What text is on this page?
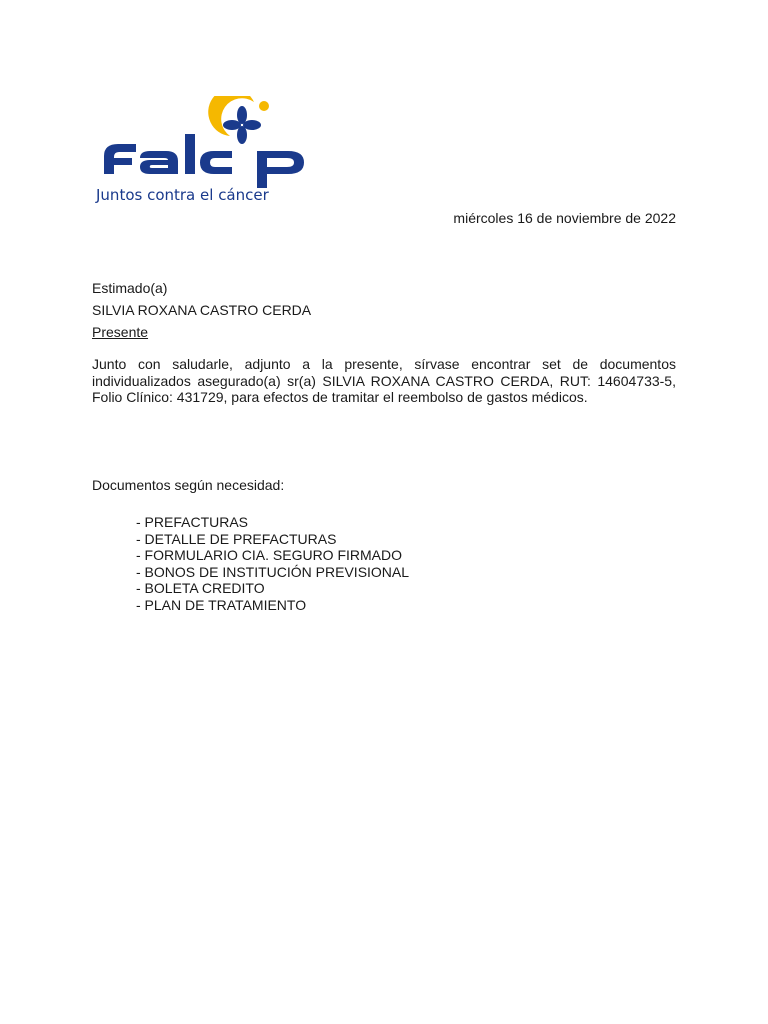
Juntos contra el cáncer
miércoles 16 de noviembre de 2022
Estimado(a)
SILVIA ROXANA CASTRO CERDA
Presente
Junto con saludarle, adjunto a la presente, sírvase encontrar set de documentos individualizados asegurado(a) sr(a) SILVIA ROXANA CASTRO CERDA, RUT: 14604733-5, Folio Clínico: 431729, para efectos de tramitar el reembolso de gastos médicos.
Documentos según necesidad:
- PREFACTURAS
- DETALLE DE PREFACTURAS
- FORMULARIO CIA. SEGURO FIRMADO
- BONOS DE INSTITUCIÓN PREVISIONAL
- BOLETA CREDITO
- PLAN DE TRATAMIENTO
